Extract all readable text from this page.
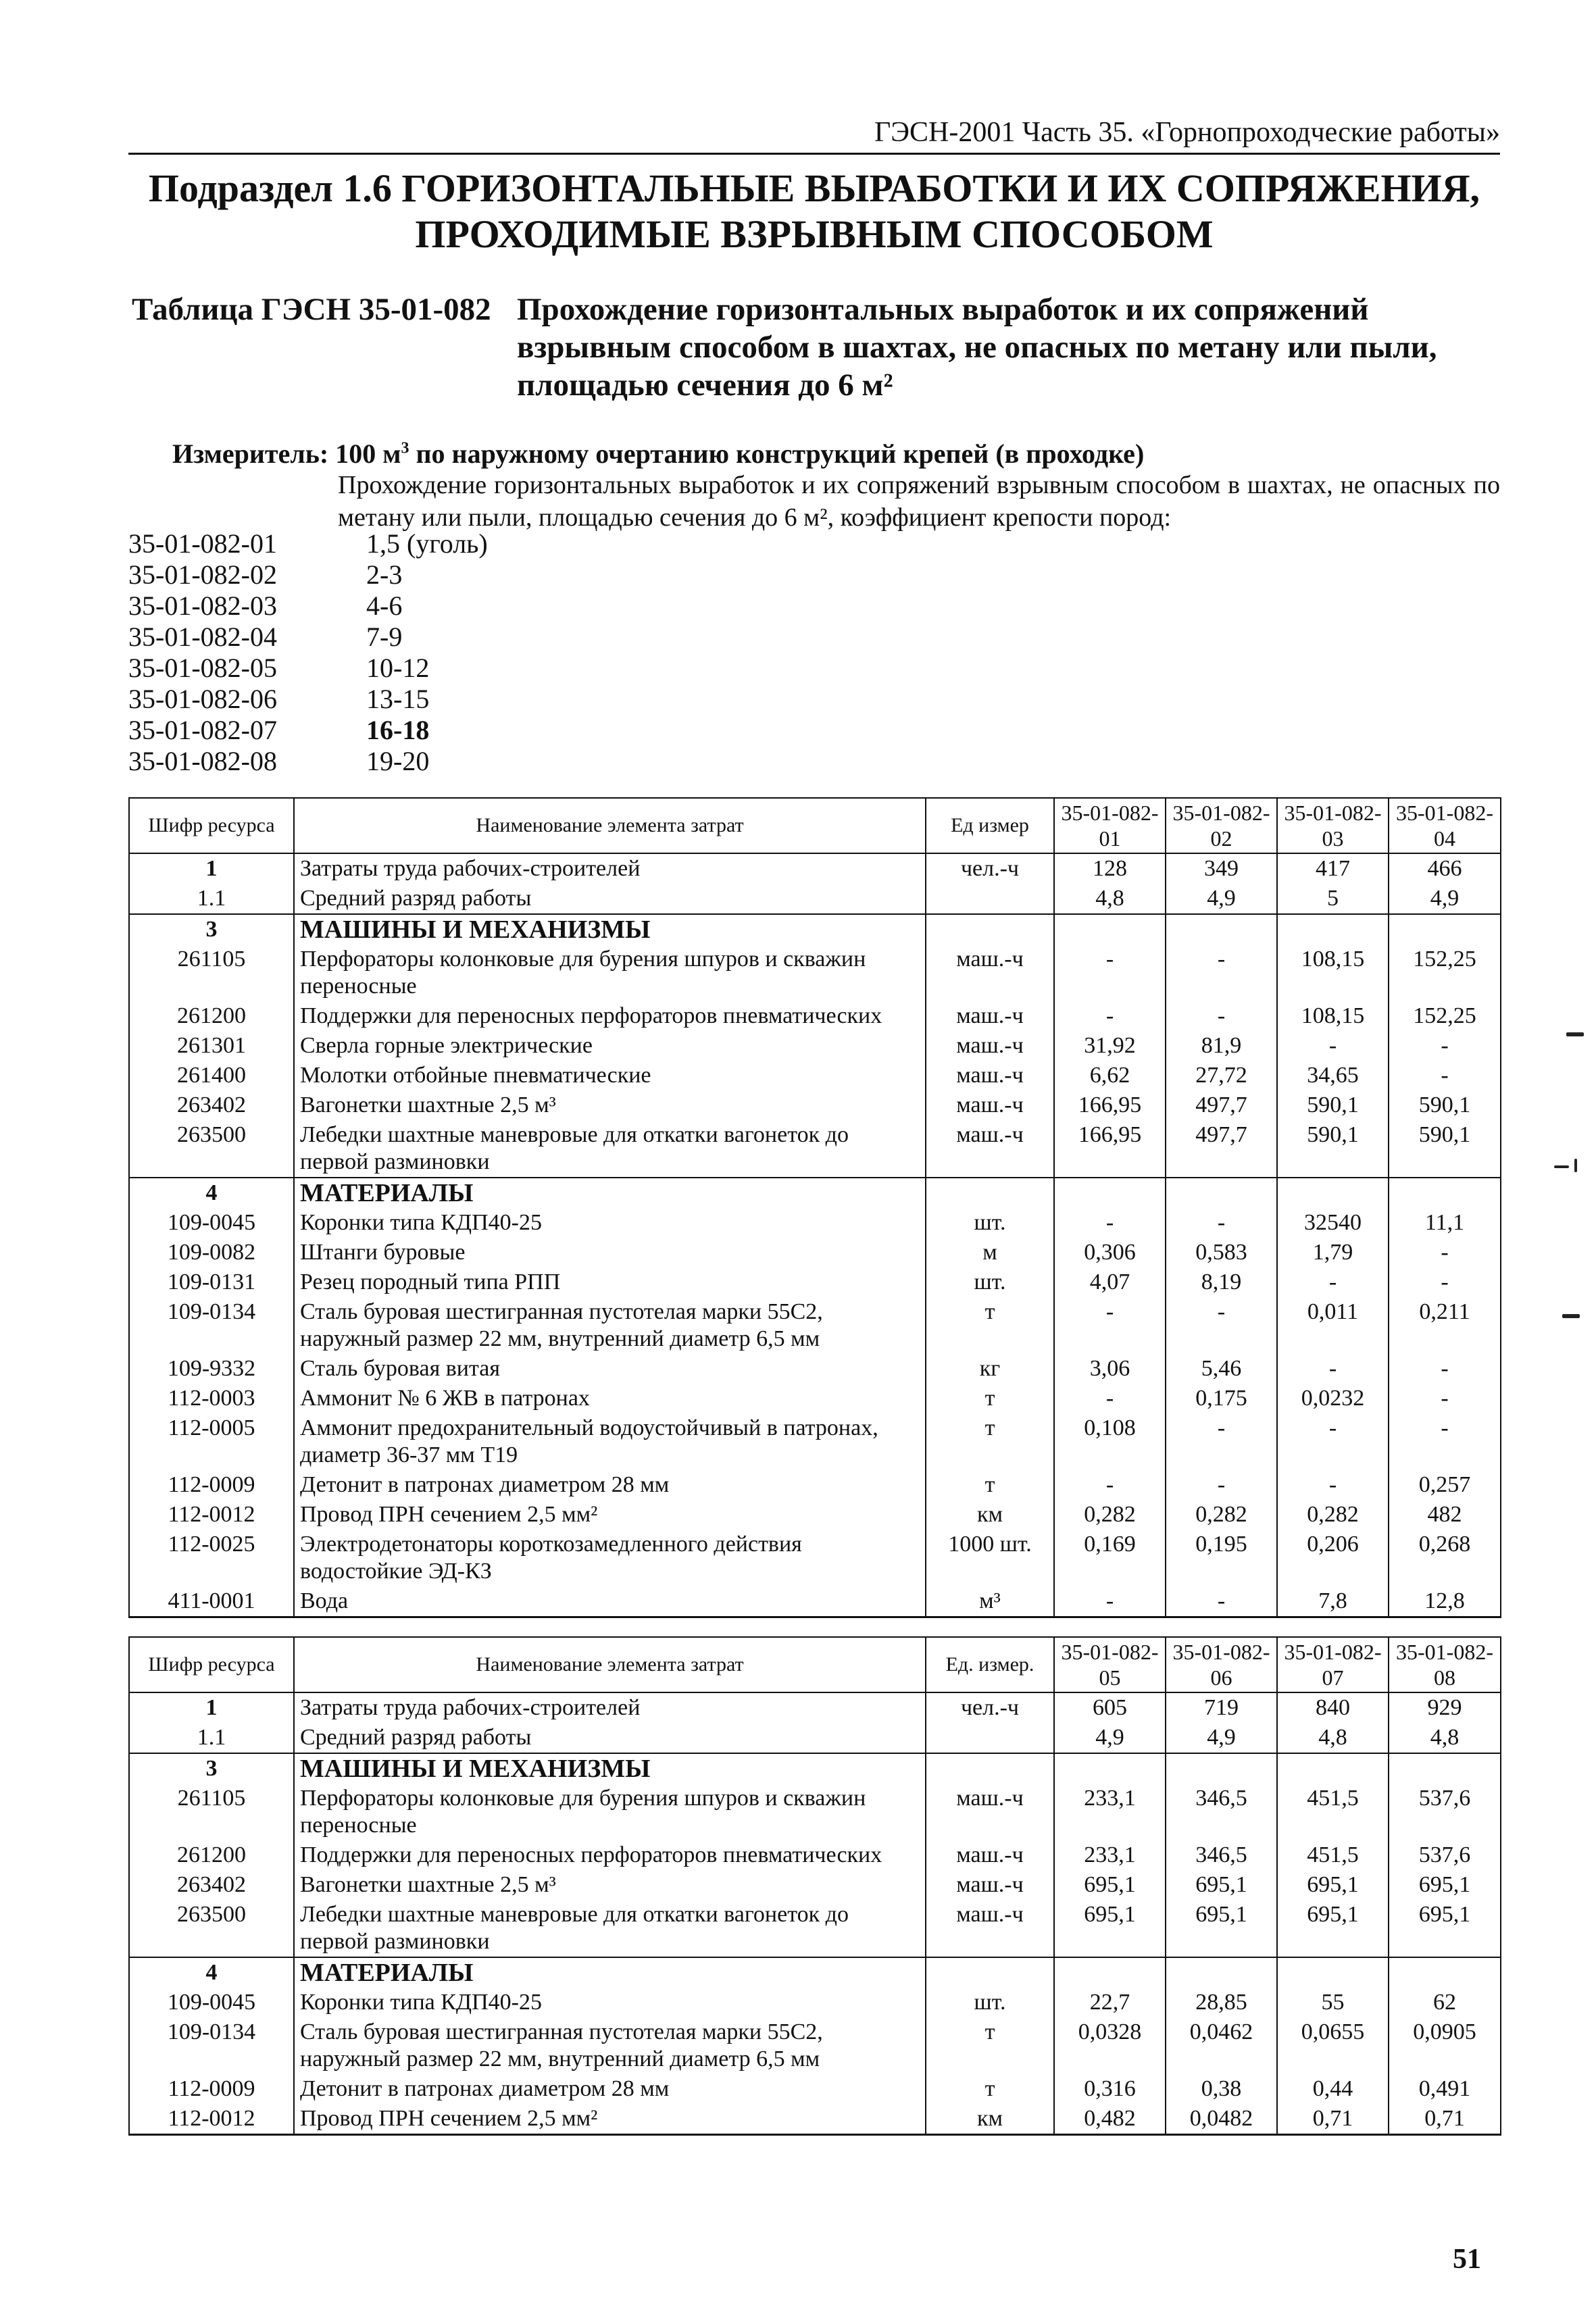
ГЭСН-2001 Часть 35. «Горнопроходческие работы»
Подраздел 1.6 ГОРИЗОНТАЛЬНЫЕ ВЫРАБОТКИ И ИХ СОПРЯЖЕНИЯ,
ПРОХОДИМЫЕ ВЗРЫВНЫМ СПОСОБОМ
Таблица ГЭСН 35-01-082 Прохождение горизонтальных выработок и их сопряжений
взрывным способом в шахтах, не опасных по метану или пыли,
площадью сечения до 6 м²
Измеритель: 100 $м^3$ по наружному очертанию конструкций крепей (в проходке)
Прохождение горизонтальных выработок и их сопряжений взрывным способом в шахтах, не опасных по метану или пыли, площадью сечения до 6 м², коэффициент крепости пород:
35-01-082-01	1,5 (уголь)
35-01-082-02	2-3
35-01-082-03	4-6
35-01-082-04	7-9
35-01-082-05	10-12
35-01-082-06	13-15
35-01-082-07	16-18
35-01-082-08	19-20
Шифр ресурса	Наименование элемента затрат	Ед измер	35-01-082-01	35-01-082-02	35-01-082-03	35-01-082-04
1	Затраты труда рабочих-строителей	чел.-ч	128	349	417	466
1.1	Средний разряд работы		4,8	4,9	5	4,9
3	МАШИНЫ И МЕХАНИЗМЫ					
261105	Перфораторы колонковые для бурения шпуров и скважин переносные	маш.-ч	-	-	108,15	152,25
261200	Поддержки для переносных перфораторов пневматических	маш.-ч	-	-	108,15	152,25
261301	Сверла горные электрические	маш.-ч	31,92	81,9	-	-
261400	Молотки отбойные пневматические	маш.-ч	6,62	27,72	34,65	-
263402	Вагонетки шахтные 2,5 м³	маш.-ч	166,95	497,7	590,1	590,1
263500	Лебедки шахтные маневровые для откатки вагонеток до первой разминовки	маш.-ч	166,95	497,7	590,1	590,1
4	МАТЕРИАЛЫ					
109-0045	Коронки типа КДП40-25	шт.	-	-	32540	11,1
109-0082	Штанги буровые	м	0,306	0,583	1,79	-
109-0131	Резец породный типа РПП	шт.	4,07	8,19	-	-
109-0134	Сталь буровая шестигранная пустотелая марки 55С2, наружный размер 22 мм, внутренний диаметр 6,5 мм	т	-	-	0,011	0,211
109-9332	Сталь буровая витая	кг	3,06	5,46	-	-
112-0003	Аммонит № 6 ЖВ в патронах	т	-	0,175	0,0232	-
112-0005	Аммонит предохранительный водоустойчивый в патронах, диаметр 36-37 мм Т19	т	0,108	-	-	-
112-0009	Детонит в патронах диаметром 28 мм	т	-	-	-	0,257
112-0012	Провод ПРН сечением 2,5 мм²	км	0,282	0,282	0,282	482
112-0025	Электродетонаторы короткозамедленного действия водостойкие ЭД-КЗ	1000 шт.	0,169	0,195	0,206	0,268
411-0001	Вода	м³	-	-	7,8	12,8
Шифр ресурса	Наименование элемента затрат	Ед. измер.	35-01-082-05	35-01-082-06	35-01-082-07	35-01-082-08
1	Затраты труда рабочих-строителей	чел.-ч	605	719	840	929
1.1	Средний разряд работы		4,9	4,9	4,8	4,8
3	МАШИНЫ И МЕХАНИЗМЫ					
261105	Перфораторы колонковые для бурения шпуров и скважин переносные	маш.-ч	233,1	346,5	451,5	537,6
261200	Поддержки для переносных перфораторов пневматических	маш.-ч	233,1	346,5	451,5	537,6
263402	Вагонетки шахтные 2,5 м³	маш.-ч	695,1	695,1	695,1	695,1
263500	Лебедки шахтные маневровые для откатки вагонеток до первой разминовки	маш.-ч	695,1	695,1	695,1	695,1
4	МАТЕРИАЛЫ					
109-0045	Коронки типа КДП40-25	шт.	22,7	28,85	55	62
109-0134	Сталь буровая шестигранная пустотелая марки 55С2, наружный размер 22 мм, внутренний диаметр 6,5 мм	т	0,0328	0,0462	0,0655	0,0905
112-0009	Детонит в патронах диаметром 28 мм	т	0,316	0,38	0,44	0,491
112-0012	Провод ПРН сечением 2,5 мм²	км	0,482	0,0482	0,71	0,71
51
